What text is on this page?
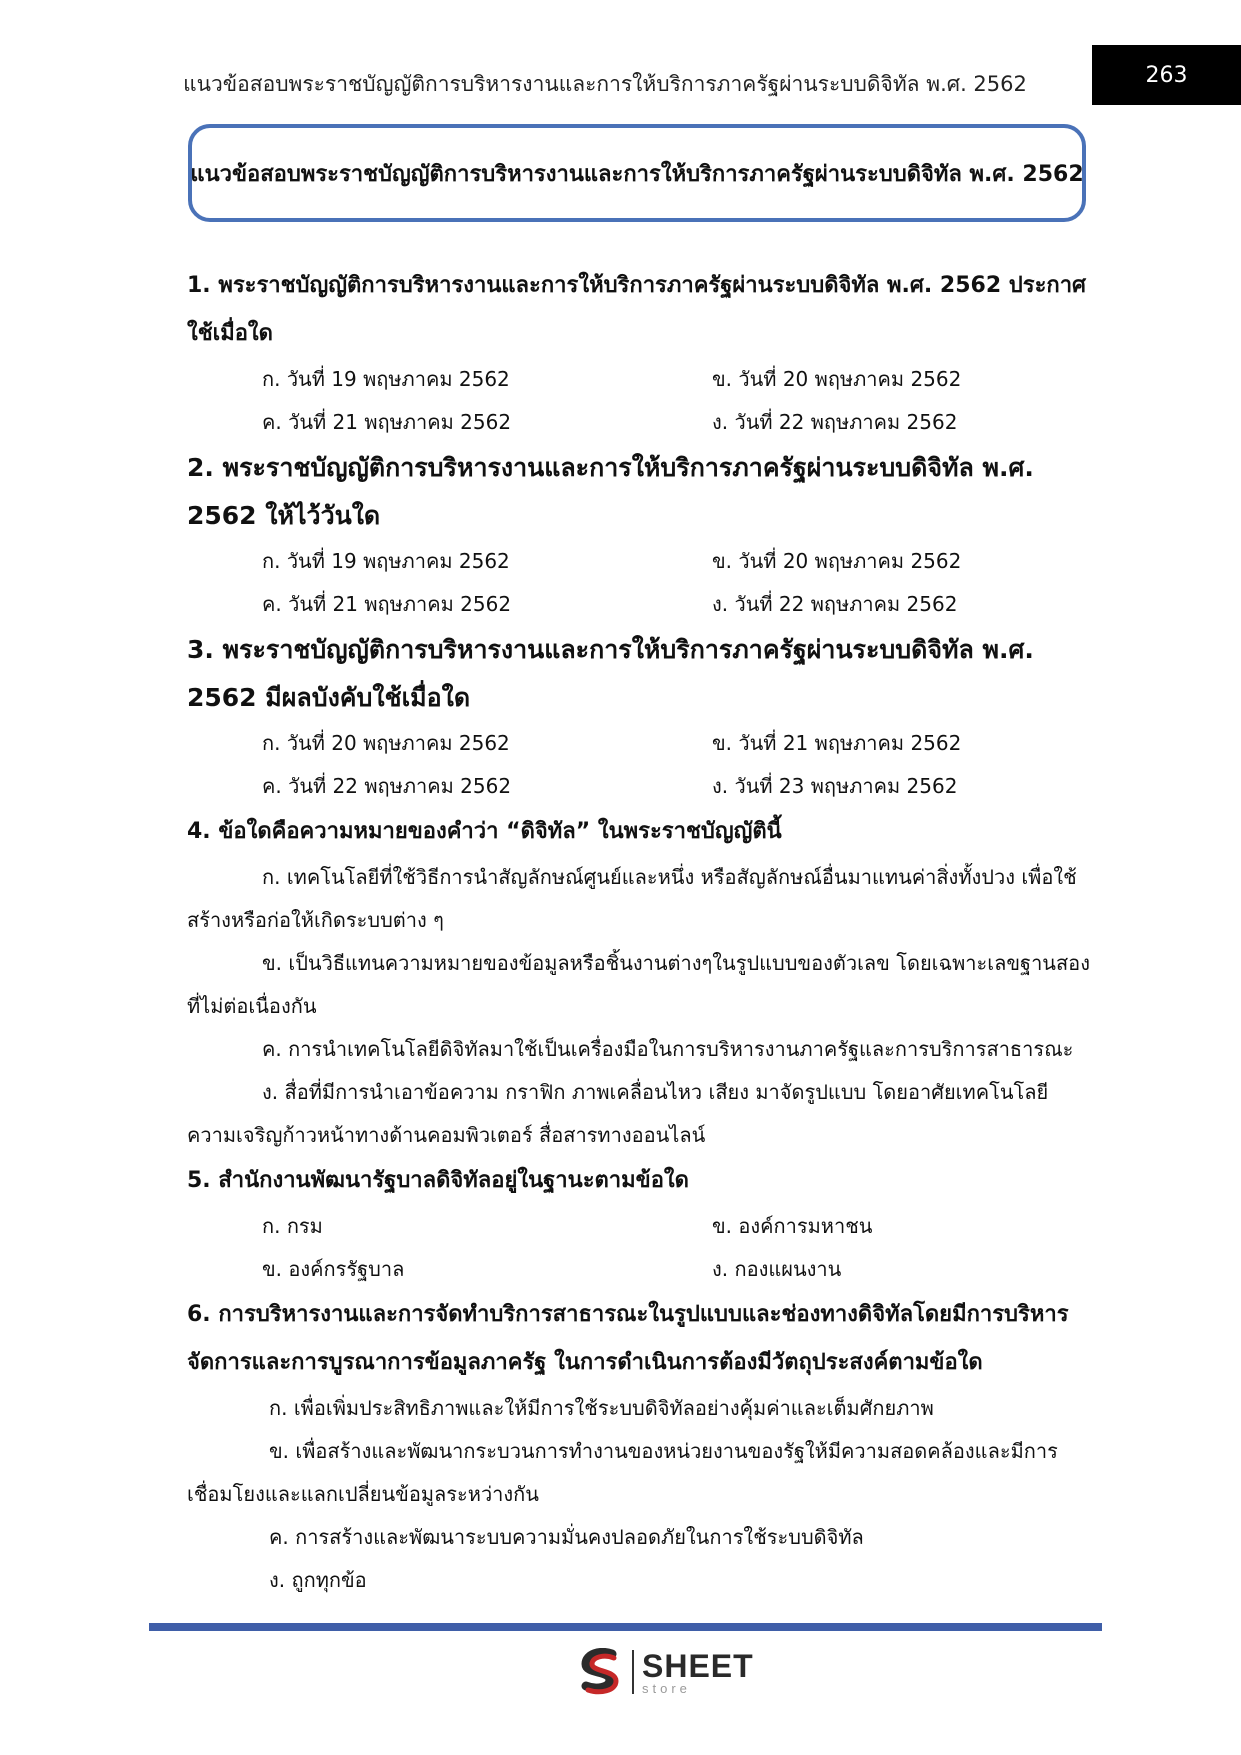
แนวข้อสอบพระราชบัญญัติการบริหารงานและการให้บริการภาครัฐผ่านระบบดิจิทัล พ.ศ. 2562	263
แนวข้อสอบพระราชบัญญัติการบริหารงานและการให้บริการภาครัฐผ่านระบบดิจิทัล พ.ศ. 2562
1. พระราชบัญญัติการบริหารงานและการให้บริการภาครัฐผ่านระบบดิจิทัล พ.ศ. 2562 ประกาศใช้เมื่อใด
ก. วันที่ 19 พฤษภาคม 2562	ข. วันที่ 20 พฤษภาคม 2562
ค. วันที่ 21 พฤษภาคม 2562	ง. วันที่ 22 พฤษภาคม 2562
2. พระราชบัญญัติการบริหารงานและการให้บริการภาครัฐผ่านระบบดิจิทัล พ.ศ. 2562 ให้ไว้วันใด
ก. วันที่ 19 พฤษภาคม 2562	ข. วันที่ 20 พฤษภาคม 2562
ค. วันที่ 21 พฤษภาคม 2562	ง. วันที่ 22 พฤษภาคม 2562
3. พระราชบัญญัติการบริหารงานและการให้บริการภาครัฐผ่านระบบดิจิทัล พ.ศ. 2562 มีผลบังคับใช้เมื่อใด
ก. วันที่ 20 พฤษภาคม 2562	ข. วันที่ 21 พฤษภาคม 2562
ค. วันที่ 22 พฤษภาคม 2562	ง. วันที่ 23 พฤษภาคม 2562
4. ข้อใดคือความหมายของคำว่า “ดิจิทัล” ในพระราชบัญญัตินี้
ก. เทคโนโลยีที่ใช้วิธีการนำสัญลักษณ์ศูนย์และหนึ่ง หรือสัญลักษณ์อื่นมาแทนค่าสิ่งทั้งปวง เพื่อใช้สร้างหรือก่อให้เกิดระบบต่าง ๆ
ข. เป็นวิธีแทนความหมายของข้อมูลหรือชิ้นงานต่างๆในรูปแบบของตัวเลข โดยเฉพาะเลขฐานสอง ที่ไม่ต่อเนื่องกัน
ค. การนำเทคโนโลยีดิจิทัลมาใช้เป็นเครื่องมือในการบริหารงานภาครัฐและการบริการสาธารณะ
ง. สื่อที่มีการนำเอาข้อความ กราฟิก ภาพเคลื่อนไหว เสียง มาจัดรูปแบบ โดยอาศัยเทคโนโลยีความเจริญก้าวหน้าทางด้านคอมพิวเตอร์ สื่อสารทางออนไลน์
5. สำนักงานพัฒนารัฐบาลดิจิทัลอยู่ในฐานะตามข้อใด
ก. กรม	ข. องค์การมหาชน
ข. องค์กรรัฐบาล	ง. กองแผนงาน
6. การบริหารงานและการจัดทำบริการสาธารณะในรูปแบบและช่องทางดิจิทัลโดยมีการบริหารจัดการและการบูรณาการข้อมูลภาครัฐ ในการดำเนินการต้องมีวัตถุประสงค์ตามข้อใด
ก. เพื่อเพิ่มประสิทธิภาพและให้มีการใช้ระบบดิจิทัลอย่างคุ้มค่าและเต็มศักยภาพ
ข. เพื่อสร้างและพัฒนากระบวนการทำงานของหน่วยงานของรัฐให้มีความสอดคล้องและมีการเชื่อมโยงและแลกเปลี่ยนข้อมูลระหว่างกัน
ค. การสร้างและพัฒนาระบบความมั่นคงปลอดภัยในการใช้ระบบดิจิทัล
ง. ถูกทุกข้อ
SHEET
store
